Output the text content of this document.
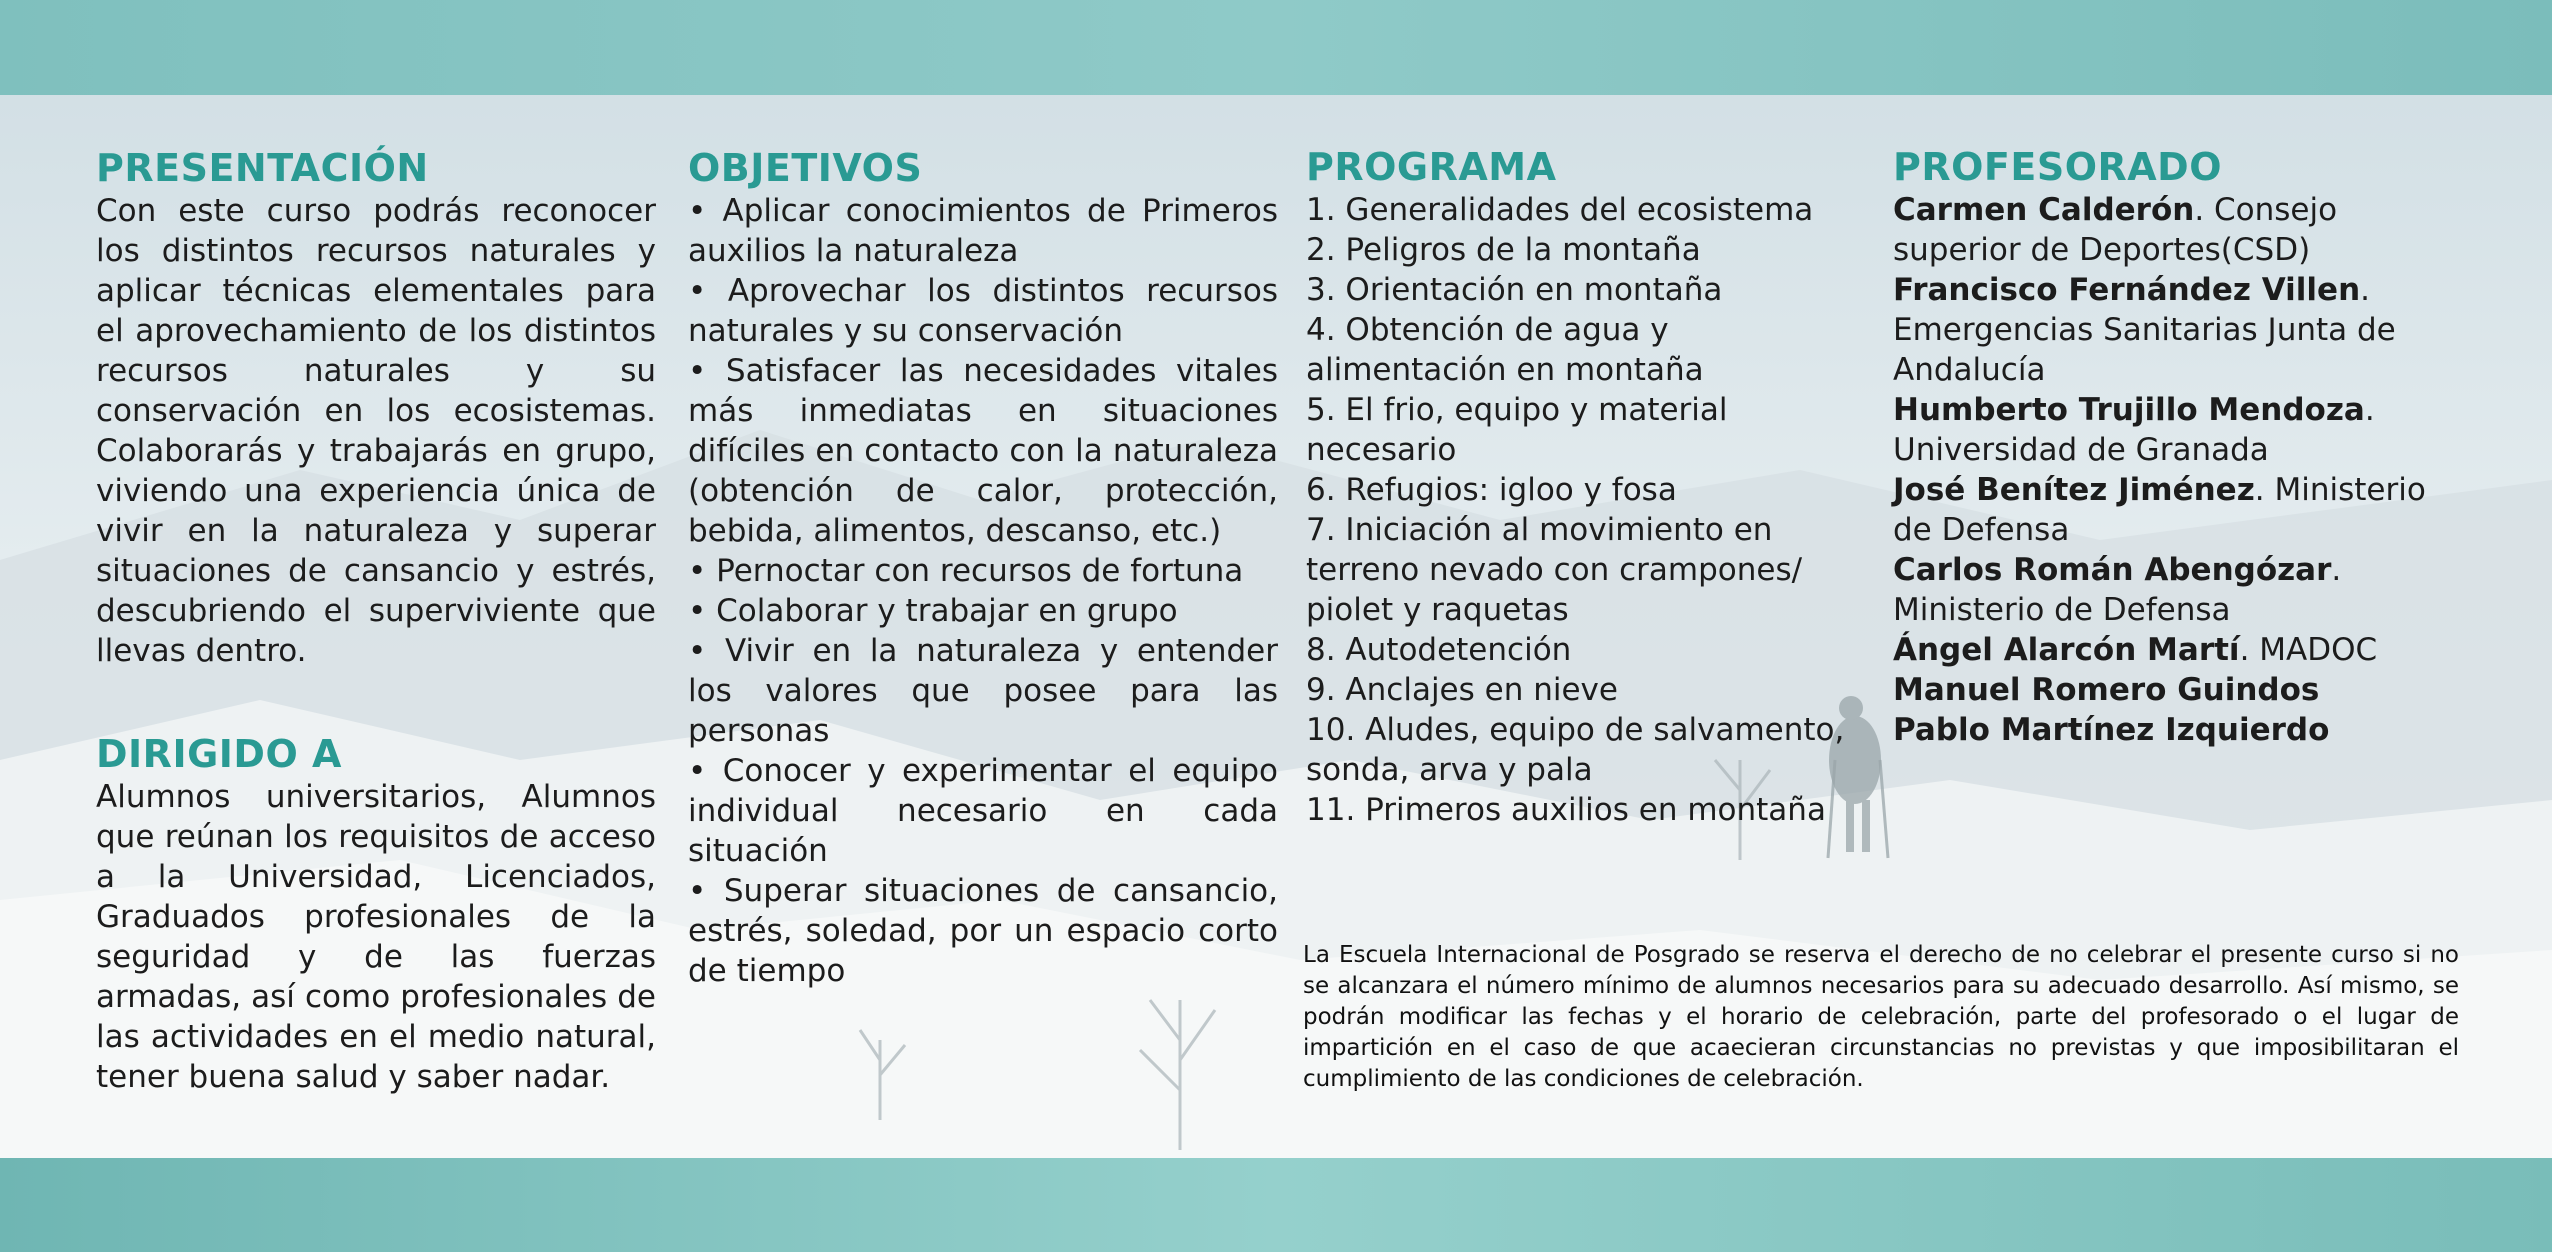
PRESENTACIÓN

Con este curso podrás reconocer los distintos recursos naturales y aplicar técnicas elementales para el aprovechamiento de los distintos recursos naturales y su conservación en los ecosistemas. Colaborarás y trabajarás en grupo, viviendo una experiencia única de vivir en la naturaleza y superar situaciones de cansancio y estrés, descubriendo el superviviente que llevas dentro.

DIRIGIDO A

Alumnos universitarios, Alumnos que reúnan los requisitos de acceso a la Universidad, Licenciados, Graduados profesionales de la seguridad y de las fuerzas armadas, así como profesionales de las actividades en el medio natural, tener buena salud y saber nadar.

OBJETIVOS
• Aplicar conocimientos de Primeros auxilios la naturaleza
• Aprovechar los distintos recursos naturales y su conservación
• Satisfacer las necesidades vitales más inmediatas en situaciones difíciles en contacto con la naturaleza (obtención de calor, protección, bebida, alimentos, descanso, etc.)
• Pernoctar con recursos de fortuna
• Colaborar y trabajar en grupo
• Vivir en la naturaleza y entender los valores que posee para las personas
• Conocer y experimentar el equipo individual necesario en cada situación
• Superar situaciones de cansancio, estrés, soledad, por un espacio corto de tiempo
PROGRAMA
1. Generalidades del ecosistema
2. Peligros de la montaña
3. Orientación en montaña
4. Obtención de agua y alimentación en montaña
5. El frio, equipo y material necesario
6. Refugios: igloo y fosa
7. Iniciación al movimiento en terreno nevado con crampones/ piolet y raquetas
8. Autodetención
9. Anclajes en nieve
10. Aludes, equipo de salvamento, sonda, arva y pala
11. Primeros auxilios en montaña
PROFESORADO
Carmen Calderón. Consejo superior de Deportes(CSD)
Francisco Fernández Villen. Emergencias Sanitarias Junta de Andalucía
Humberto Trujillo Mendoza. Universidad de Granada
José Benítez Jiménez. Ministerio de Defensa
Carlos Román Abengózar. Ministerio de Defensa
Ángel Alarcón Martí. MADOC
Manuel Romero Guindos
Pablo Martínez Izquierdo

La Escuela Internacional de Posgrado se reserva el derecho de no celebrar el presente curso si no se alcanzara el número mínimo de alumnos necesarios para su adecuado desarrollo. Así mismo, se podrán modificar las fechas y el horario de celebración, parte del profesorado o el lugar de impartición en el caso de que acaecieran circunstancias no previstas y que imposibilitaran el cumplimiento de las condiciones de celebración.
